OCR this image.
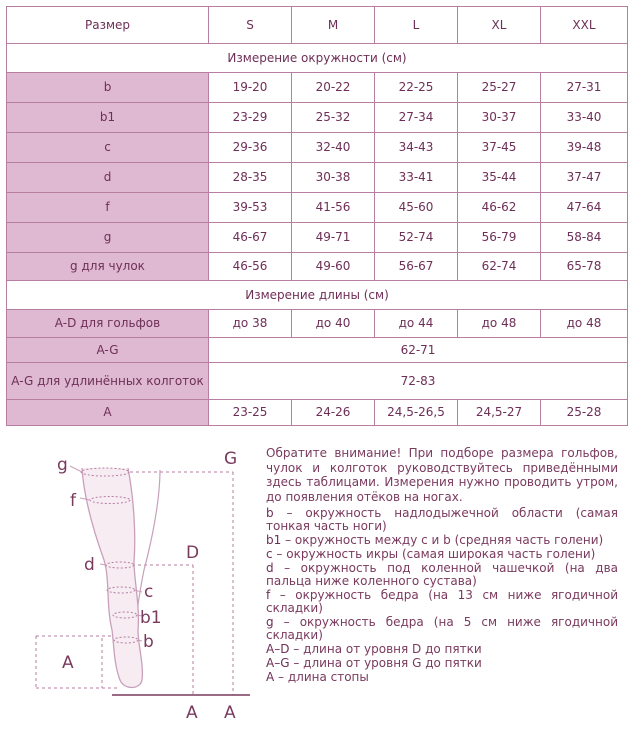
Размер	S	M	L	XL	XXL
Измерение окружности (см)					
b	19-20	20-22	22-25	25-27	27-31
b1	23-29	25-32	27-34	30-37	33-40
c	29-36	32-40	34-43	37-45	39-48
d	28-35	30-38	33-41	35-44	37-47
f	39-53	41-56	45-60	46-62	47-64
g	46-67	49-71	52-74	56-79	58-84
g для чулок	46-56	49-60	56-67	62-74	65-78
Измерение длины (см)					
A-D для гольфов	до 38	до 40	до 44	до 48	до 48
A-G	62-71				
A-G для удлинённых колготок	72-83				
A	23-25	24-26	24,5-26,5	24,5-27	25-28
g
f
d
c
b1
b
A
G
D
A A

Обратите внимание! При подборе размера гольфов, чулок и колготок руководствуйтесь приведёнными здесь таблицами. Измерения нужно проводить утром, до появления отёков на ногах.

b – окружность надлодыжечной области (самая тонкая часть ноги)
b1 – окружность между c и b (средняя часть голени)
c – окружность икры (самая широкая часть голени)
d – окружность под коленной чашечкой (на два пальца ниже коленного сустава)
f – окружность бедра (на 13 см ниже ягодичной складки)
g – окружность бедра (на 5 см ниже ягодичной складки)
A–D – длина от уровня D до пятки
A–G – длина от уровня G до пятки
A – длина стопы
